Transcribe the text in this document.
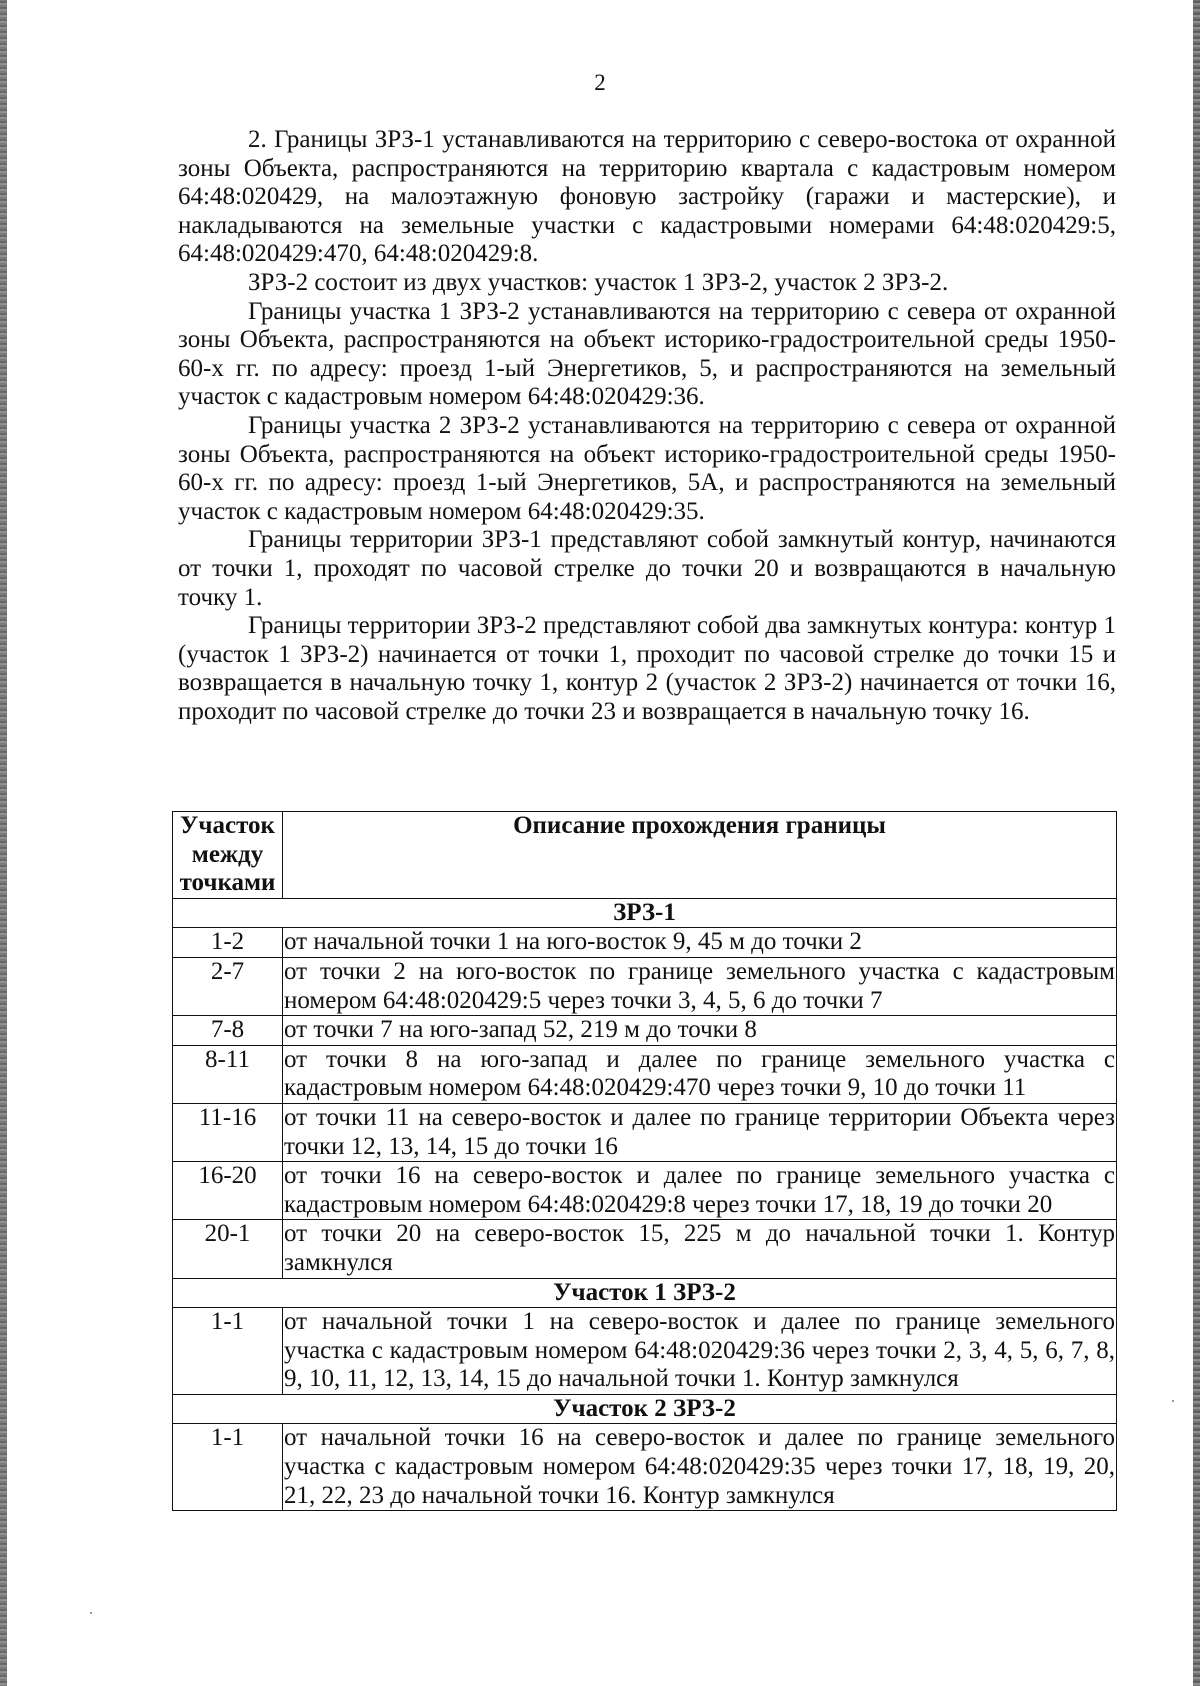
2

2. Границы ЗРЗ-1 устанавливаются на территорию с северо-востока от охранной зоны Объекта, распространяются на территорию квартала с кадастровым номером 64:48:020429, на малоэтажную фоновую застройку (гаражи и мастерские), и накладываются на земельные участки с кадастровыми номерами 64:48:020429:5, 64:48:020429:470, 64:48:020429:8.

ЗРЗ-2 состоит из двух участков: участок 1 ЗРЗ-2, участок 2 ЗРЗ-2.

Границы участка 1 ЗРЗ-2 устанавливаются на территорию с севера от охранной зоны Объекта, распространяются на объект историко-градостроительной среды 1950-60-х гг. по адресу: проезд 1-ый Энергетиков, 5, и распространяются на земельный участок с кадастровым номером 64:48:020429:36.

Границы участка 2 ЗРЗ-2 устанавливаются на территорию с севера от охранной зоны Объекта, распространяются на объект историко-градостроительной среды 1950-60-х гг. по адресу: проезд 1-ый Энергетиков, 5А, и распространяются на земельный участок с кадастровым номером 64:48:020429:35.

Границы территории ЗРЗ-1 представляют собой замкнутый контур, начинаются от точки 1, проходят по часовой стрелке до точки 20 и возвращаются в начальную точку 1.

Границы территории ЗРЗ-2 представляют собой два замкнутых контура: контур 1 (участок 1 ЗРЗ-2) начинается от точки 1, проходит по часовой стрелке до точки 15 и возвращается в начальную точку 1, контур 2 (участок 2 ЗРЗ-2) начинается от точки 16, проходит по часовой стрелке до точки 23 и возвращается в начальную точку 16.

Участок между точками	Описание прохождения границы
ЗРЗ-1	
1-2	от начальной точки 1 на юго-восток 9, 45 м до точки 2
2-7	от точки 2 на юго-восток по границе земельного участка с кадастровым номером 64:48:020429:5 через точки 3, 4, 5, 6 до точки 7
7-8	от точки 7 на юго-запад 52, 219 м до точки 8
8-11	от точки 8 на юго-запад и далее по границе земельного участка с кадастровым номером 64:48:020429:470 через точки 9, 10 до точки 11
11-16	от точки 11 на северо-восток и далее по границе территории Объекта через точки 12, 13, 14, 15 до точки 16
16-20	от точки 16 на северо-восток и далее по границе земельного участка с кадастровым номером 64:48:020429:8 через точки 17, 18, 19 до точки 20
20-1	от точки 20 на северо-восток 15, 225 м до начальной точки 1. Контур замкнулся
Участок 1 ЗРЗ-2	
1-1	от начальной точки 1 на северо-восток и далее по границе земельного участка с кадастровым номером 64:48:020429:36 через точки 2, 3, 4, 5, 6, 7, 8, 9, 10, 11, 12, 13, 14, 15 до начальной точки 1. Контур замкнулся
Участок 2 ЗРЗ-2	
1-1	от начальной точки 16 на северо-восток и далее по границе земельного участка с кадастровым номером 64:48:020429:35 через точки 17, 18, 19, 20, 21, 22, 23 до начальной точки 16. Контур замкнулся
